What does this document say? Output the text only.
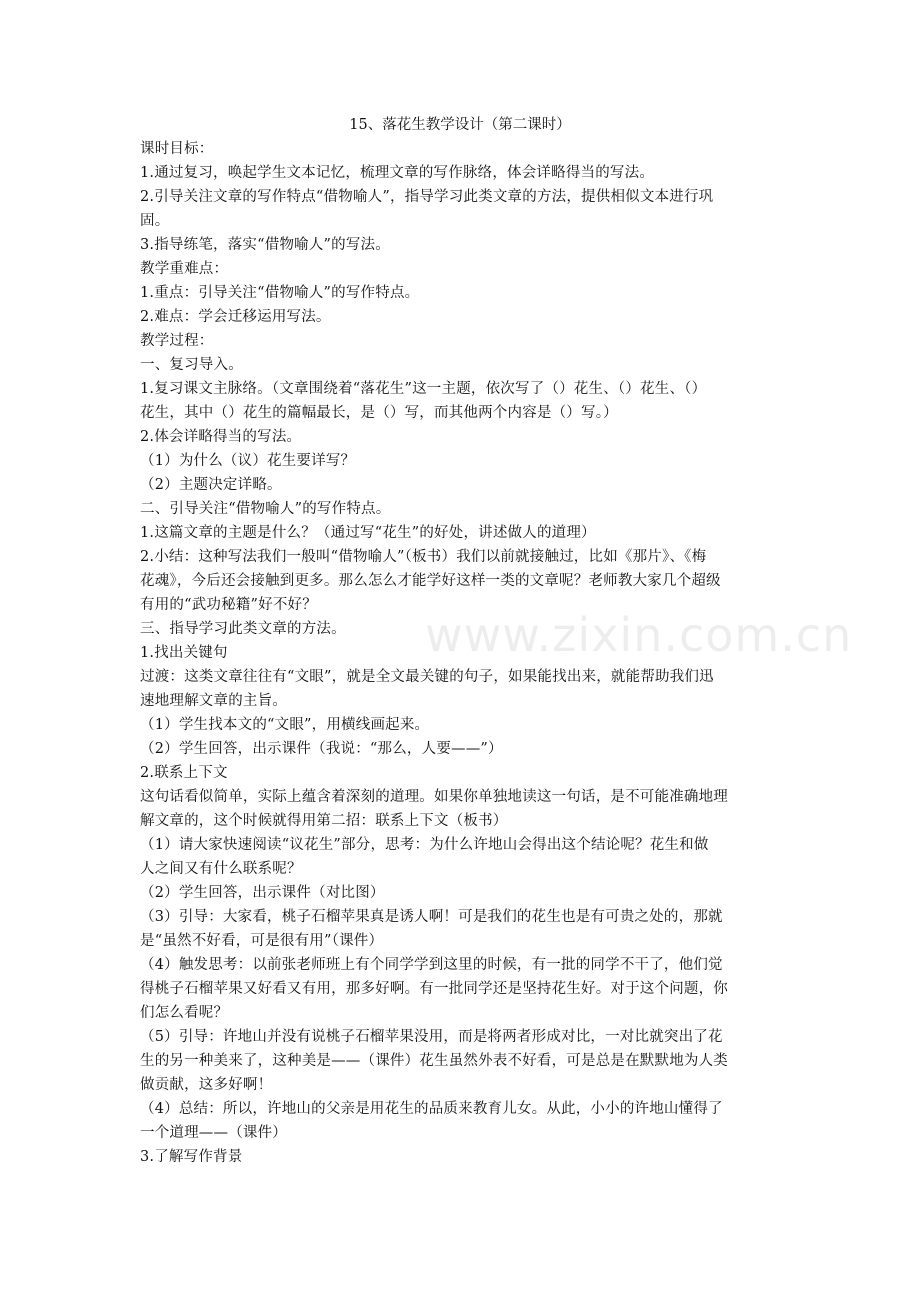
15、落花生教学设计（第二课时）
课时目标：
1.通过复习，唤起学生文本记忆，梳理文章的写作脉络，体会详略得当的写法。
2.引导关注文章的写作特点“借物喻人”，指导学习此类文章的方法，提供相似文本进行巩
固。
3.指导练笔，落实“借物喻人”的写法。
教学重难点：
1.重点：引导关注“借物喻人”的写作特点。
2.难点：学会迁移运用写法。
教学过程：
一、复习导入。
1.复习课文主脉络。（文章围绕着“落花生”这一主题，依次写了（）花生、（）花生、（）
花生，其中（）花生的篇幅最长，是（）写，而其他两个内容是（）写。）
2.体会详略得当的写法。
（1）为什么（议）花生要详写？
（2）主题决定详略。
二、引导关注“借物喻人”的写作特点。
1.这篇文章的主题是什么？（通过写“花生”的好处，讲述做人的道理）
2.小结：这种写法我们一般叫“借物喻人”（板书）我们以前就接触过，比如《那片》、《梅
花魂》，今后还会接触到更多。那么怎么才能学好这样一类的文章呢？老师教大家几个超级
有用的“武功秘籍”好不好？
三、指导学习此类文章的方法。
1.找出关键句
过渡：这类文章往往有“文眼”，就是全文最关键的句子，如果能找出来，就能帮助我们迅
速地理解文章的主旨。
（1）学生找本文的“文眼”，用横线画起来。
（2）学生回答，出示课件（我说：“那么，人要——”）
2.联系上下文
这句话看似简单，实际上蕴含着深刻的道理。如果你单独地读这一句话，是不可能准确地理
解文章的，这个时候就得用第二招：联系上下文（板书）
（1）请大家快速阅读“议花生”部分，思考：为什么许地山会得出这个结论呢？花生和做
人之间又有什么联系呢？
（2）学生回答，出示课件（对比图）
（3）引导：大家看，桃子石榴苹果真是诱人啊！可是我们的花生也是有可贵之处的，那就
是“虽然不好看，可是很有用”（课件）
（4）触发思考：以前张老师班上有个同学学到这里的时候，有一批的同学不干了，他们觉
得桃子石榴苹果又好看又有用，那多好啊。有一批同学还是坚持花生好。对于这个问题，你
们怎么看呢？
（5）引导：许地山并没有说桃子石榴苹果没用，而是将两者形成对比，一对比就突出了花
生的另一种美来了，这种美是——（课件）花生虽然外表不好看，可是总是在默默地为人类
做贡献，这多好啊！
（4）总结：所以，许地山的父亲是用花生的品质来教育儿女。从此，小小的许地山懂得了
一个道理——（课件）
3.了解写作背景
www.zixin.com.cn
